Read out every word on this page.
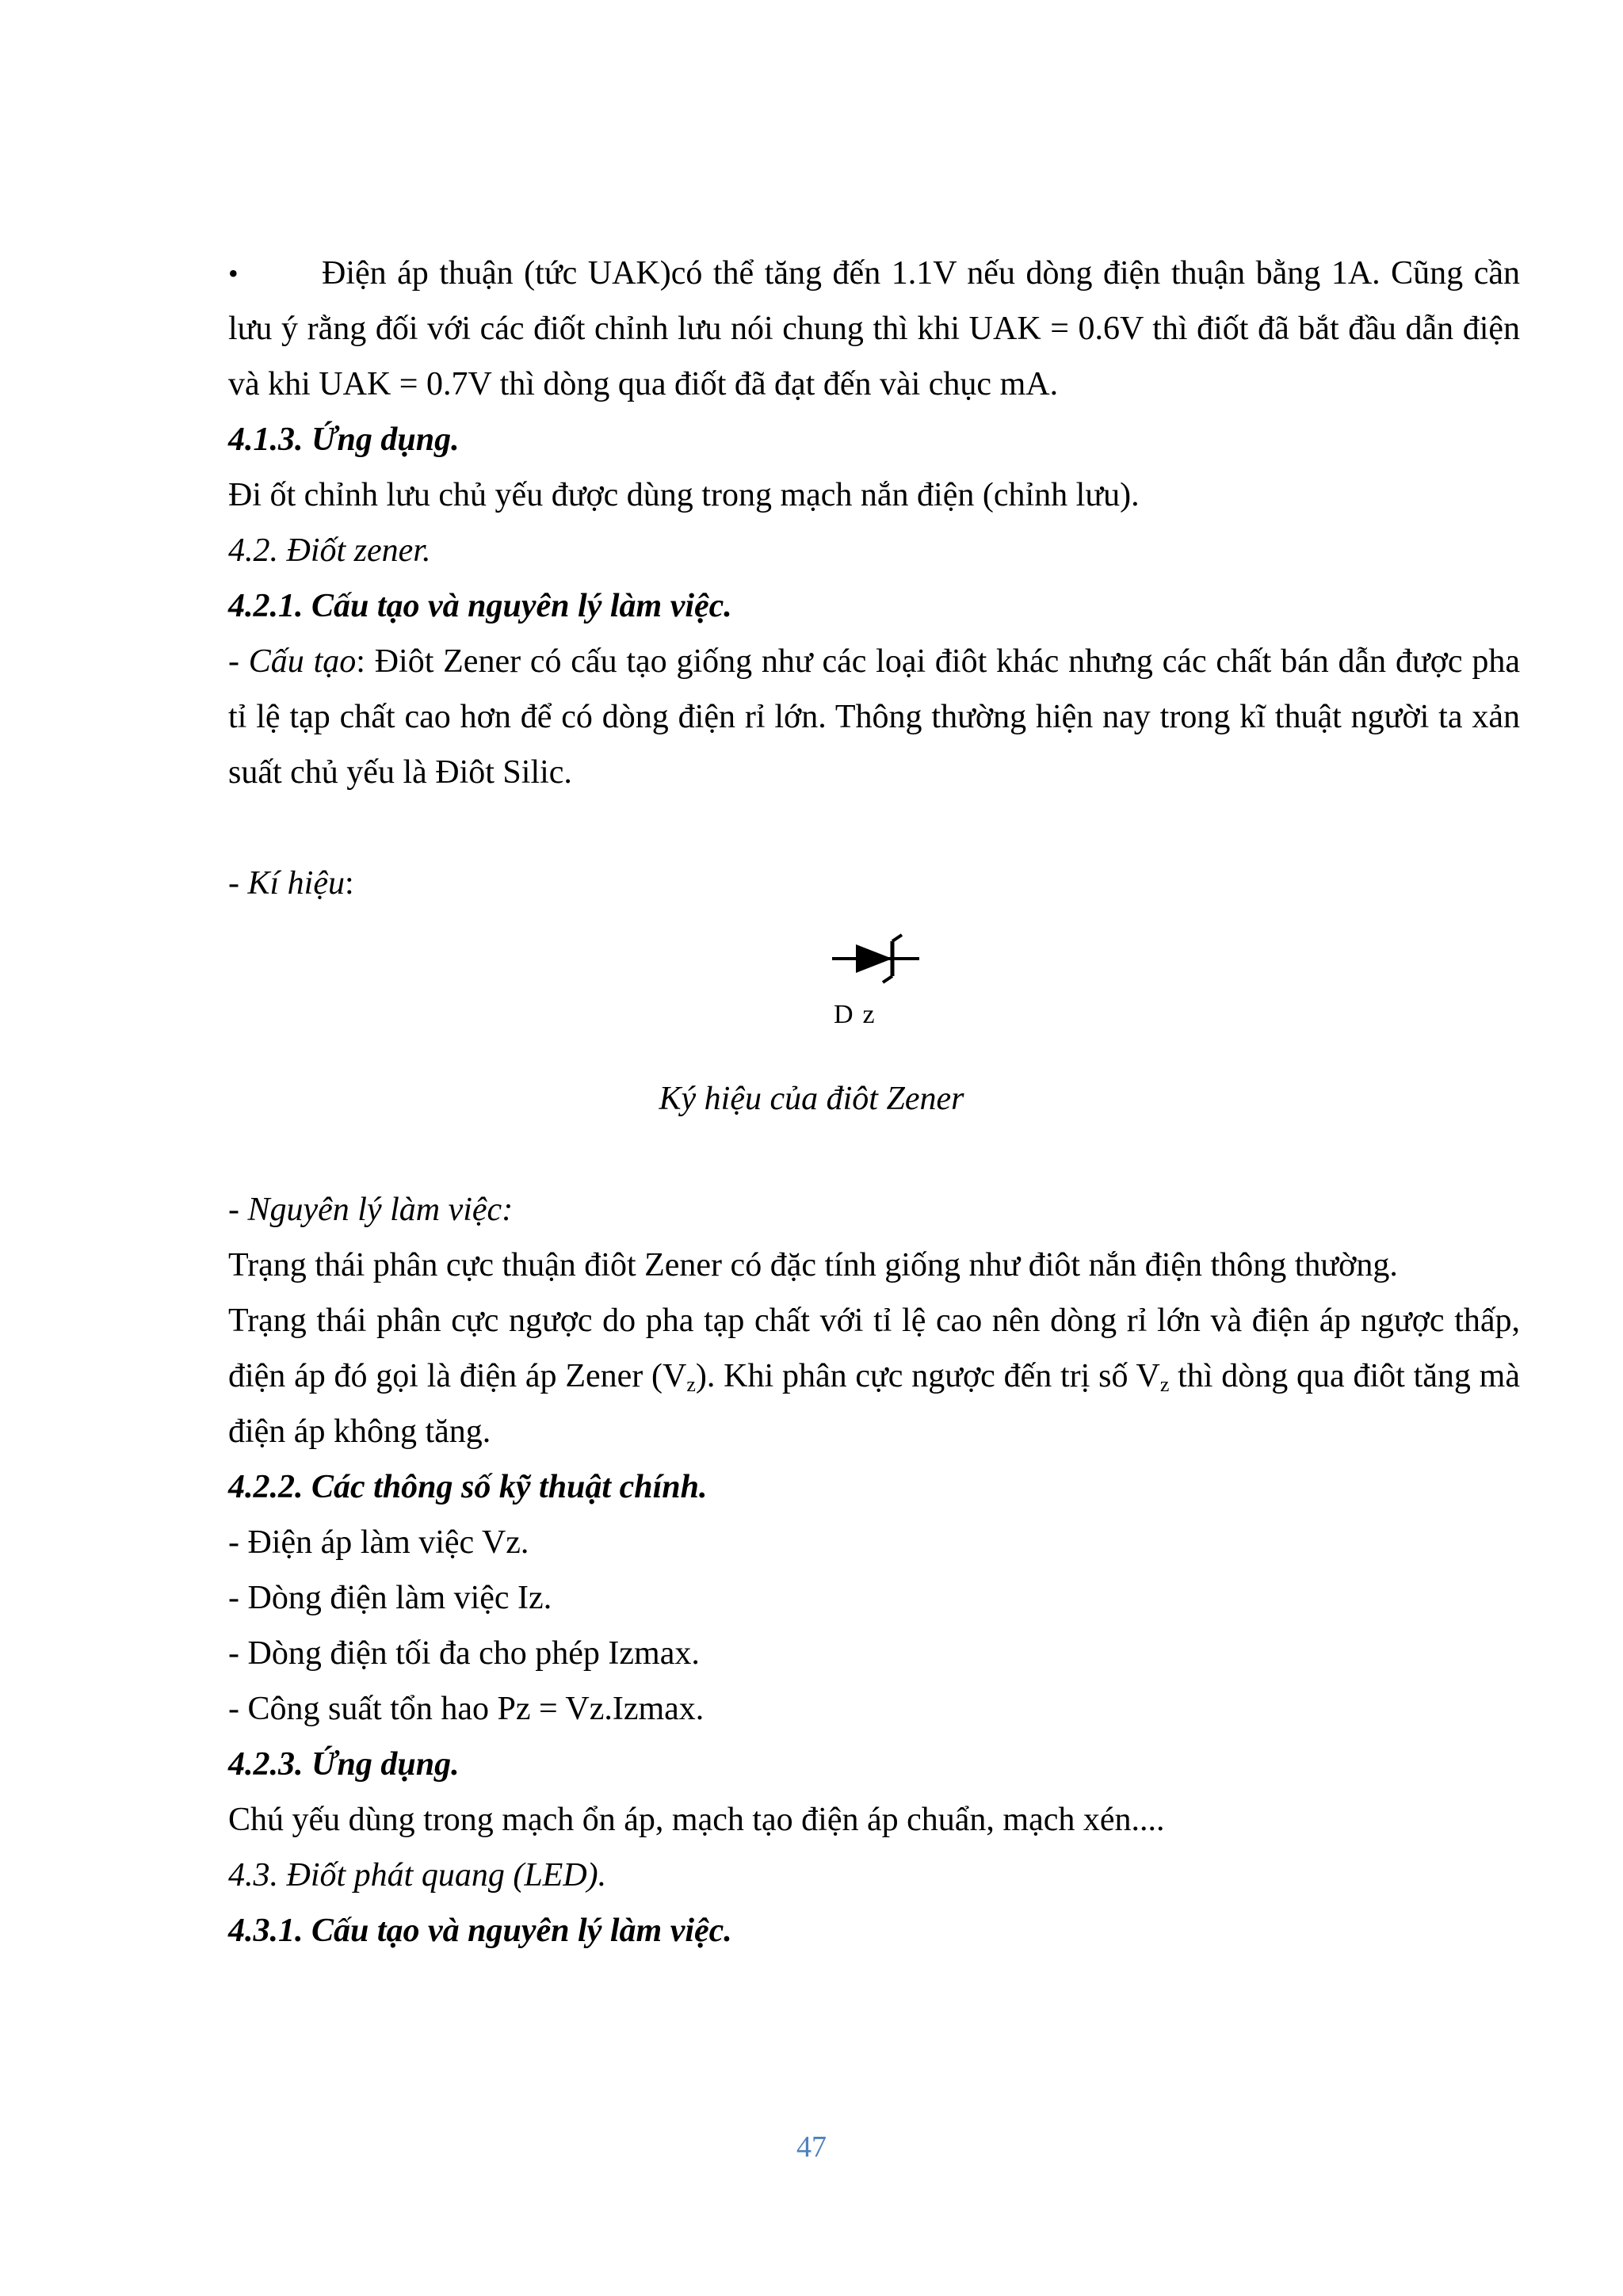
•	Điện áp thuận (tức UAK)có thể tăng đến 1.1V nếu dòng điện thuận bằng 1A. Cũng cần lưu ý rằng đối với các điốt chỉnh lưu nói chung thì khi UAK = 0.6V thì điốt đã bắt đầu dẫn điện và khi UAK = 0.7V thì dòng qua điốt đã đạt đến vài chục mA.

4.1.3. Ứng dụng.

Đi ốt chỉnh lưu chủ yếu được dùng trong mạch nắn điện (chỉnh lưu).

4.2. Điốt zener.

4.2.1. Cấu tạo và nguyên lý làm việc.

- Cấu tạo: Điôt Zener có cấu tạo giống như các loại điôt khác nhưng các chất bán dẫn được pha tỉ lệ tạp chất cao hơn để có dòng điện rỉ lớn. Thông thường hiện nay trong kĩ thuật người ta xản suất chủ yếu là Điôt Silic.

- Kí hiệu:

Dz
Ký hiệu của điôt Zener

- Nguyên lý làm việc:

Trạng thái phân cực thuận điôt Zener có đặc tính giống như điôt nắn điện thông thường.

Trạng thái phân cực ngược do pha tạp chất với tỉ lệ cao nên dòng rỉ lớn và điện áp ngược thấp, điện áp đó gọi là điện áp Zener $(V_z)$. Khi phân cực ngược đến trị số $V_z$ thì dòng qua điôt tăng mà điện áp không tăng.

4.2.2. Các thông số kỹ thuật chính.

- Điện áp làm việc Vz.

- Dòng điện làm việc Iz.

- Dòng điện tối đa cho phép Izmax.

- Công suất tổn hao Pz = Vz.Izmax.

4.2.3. Ứng dụng.

Chú yếu dùng trong mạch ổn áp, mạch tạo điện áp chuẩn, mạch xén....

4.3. Điốt phát quang (LED).

4.3.1. Cấu tạo và nguyên lý làm việc.

47
